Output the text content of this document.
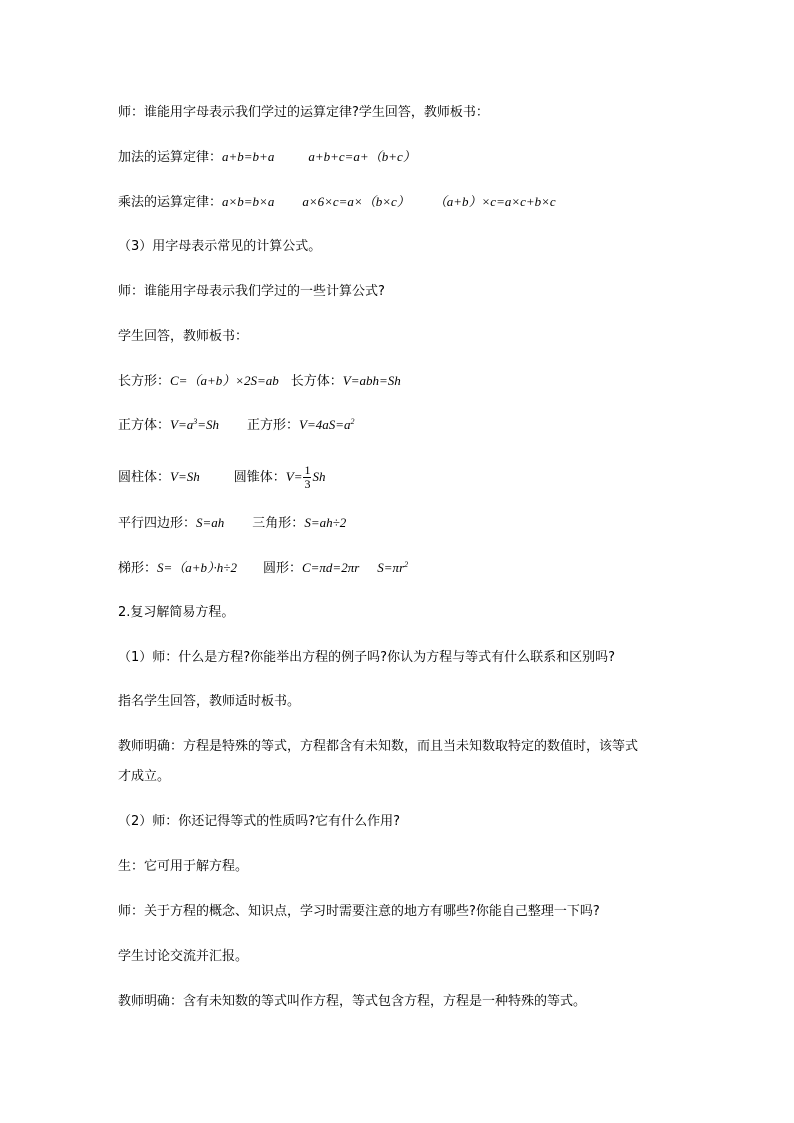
师：谁能用字母表示我们学过的运算定律?学生回答，教师板书：
加法的运算定律：a+b=b+a	a+b+c=a+（b+c）
乘法的运算定律：a×b=b×a a×6×c=a×（b×c） （a+b）×c=a×c+b×c
（3）用字母表示常见的计算公式。
师：谁能用字母表示我们学过的一些计算公式?
学生回答，教师板书：
长方形：C=（a+b）×2S=ab 长方体：V=abh=Sh
正方体：$V=a^3=Sh$ 正方形：$V=4aS=a^2$
圆柱体：V=Sh	圆锥体：$V= \frac{1}{3}$ Sh
平行四边形：S=ah 三角形：S=ah÷2
梯形：S=（a+b）·h÷2 圆形：C=πd=2πr $S=\pi r^2$
2.复习解简易方程。
（1）师：什么是方程?你能举出方程的例子吗?你认为方程与等式有什么联系和区别吗?
指名学生回答，教师适时板书。
教师明确：方程是特殊的等式，方程都含有未知数，而且当未知数取特定的数值时，该等式
才成立。
（2）师：你还记得等式的性质吗?它有什么作用?
生：它可用于解方程。
师：关于方程的概念、知识点，学习时需要注意的地方有哪些?你能自己整理一下吗?
学生讨论交流并汇报。
教师明确：含有未知数的等式叫作方程，等式包含方程，方程是一种特殊的等式。
